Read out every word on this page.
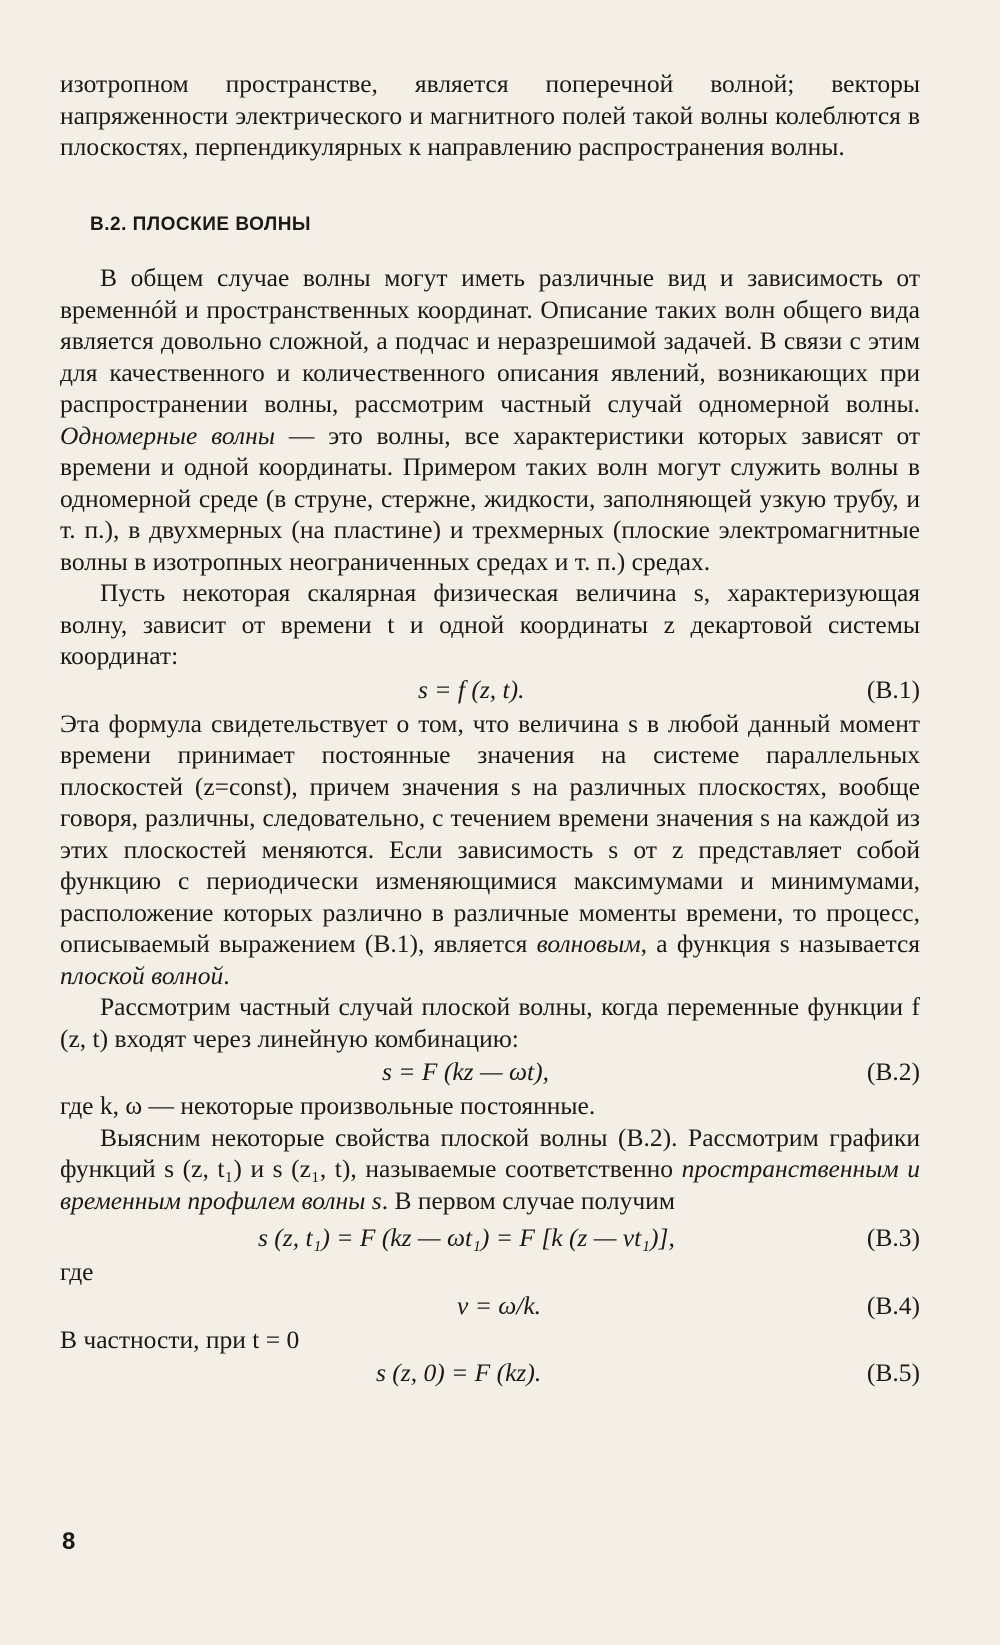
изотропном пространстве, является поперечной волной; векторы напряженности электрического и магнитного полей такой волны колеблются в плоскостях, перпендикулярных к направлению распространения волны.
В.2. ПЛОСКИЕ ВОЛНЫ
В общем случае волны могут иметь различные вид и зависимость от временнóй и пространственных координат. Описание таких волн общего вида является довольно сложной, а подчас и неразрешимой задачей. В связи с этим для качественного и количественного описания явлений, возникающих при распространении волны, рассмотрим частный случай одномерной волны. Одномерные волны — это волны, все характеристики которых зависят от времени и одной координаты. Примером таких волн могут служить волны в одномерной среде (в струне, стержне, жидкости, заполняющей узкую трубу, и т. п.), в двухмерных (на пластине) и трехмерных (плоские электромагнитные волны в изотропных неограниченных средах и т. п.) средах.
Пусть некоторая скалярная физическая величина s, характеризующая волну, зависит от времени t и одной координаты z декартовой системы координат:
s = f (z, t).	(В.1)
Эта формула свидетельствует о том, что величина s в любой данный момент времени принимает постоянные значения на системе параллельных плоскостей (z=const), причем значения s на различных плоскостях, вообще говоря, различны, следовательно, с течением времени значения s на каждой из этих плоскостей меняются. Если зависимость s от z представляет собой функцию с периодически изменяющимися максимумами и минимумами, расположение которых различно в различные моменты времени, то процесс, описываемый выражением (В.1), является волновым, а функция s называется плоской волной.
Рассмотрим частный случай плоской волны, когда переменные функции f (z, t) входят через линейную комбинацию:
s = F (kz — ωt),	(В.2)
где k, ω — некоторые произвольные постоянные.
Выясним некоторые свойства плоской волны (В.2). Рассмотрим графики функций s (z, t₁) и s (z₁, t), называемые соответственно пространственным и временным профилем волны s. В первом случае получим
s (z, t₁) = F (kz — ωt₁) = F [k (z — vt₁)],	(В.3)
где
v = ω/k.	(В.4)
В частности, при t = 0
s (z, 0) = F (kz).	(В.5)
8
